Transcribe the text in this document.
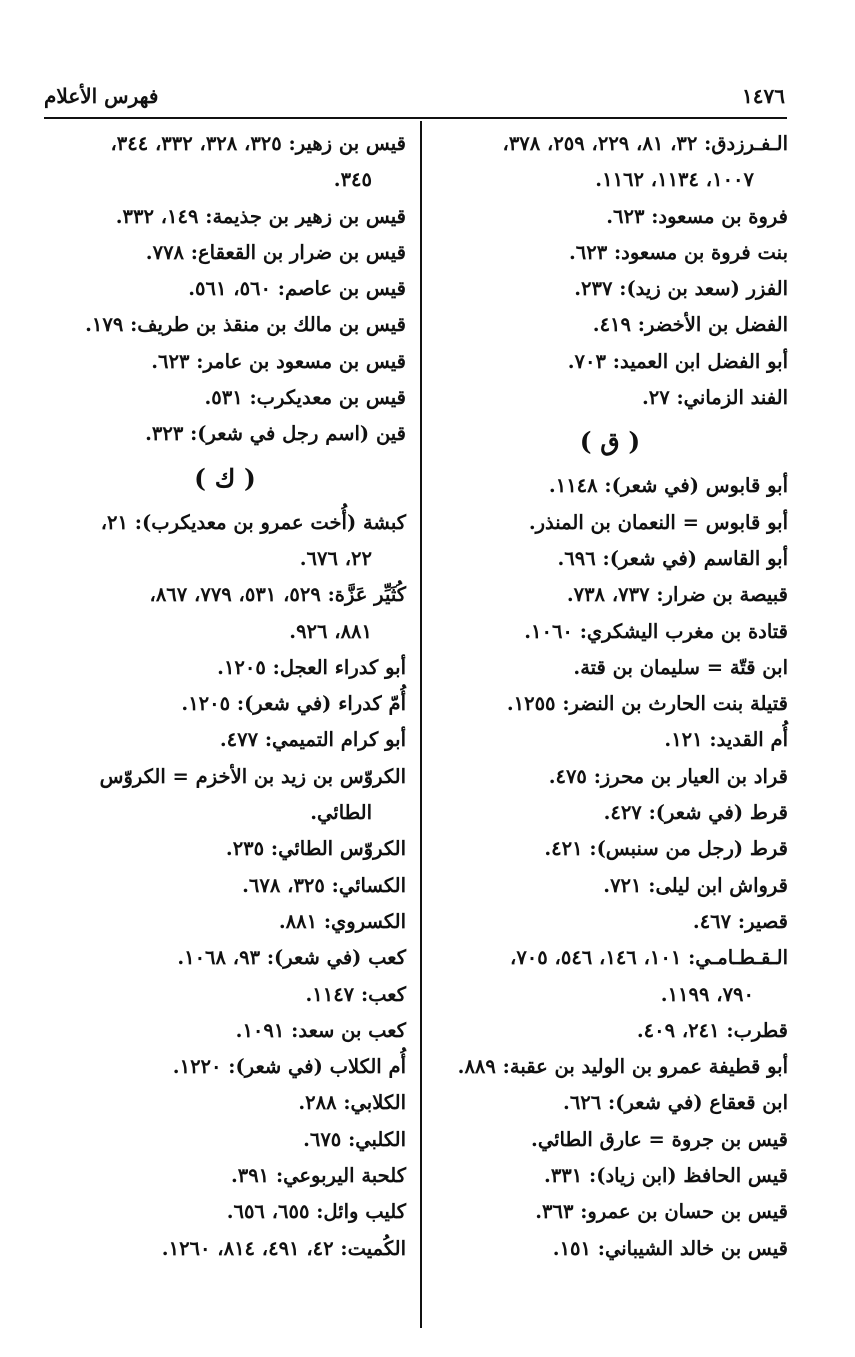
١٤٧٦
فهرس الأعلام
الـفـرزدق: ٣٢، ٨١، ٢٢٩، ٢٥٩، ٣٧٨،
١٠٠٧، ١١٣٤، ١١٦٢.
فروة بن مسعود: ٦٢٣.
بنت فروة بن مسعود: ٦٢٣.
الفزر (سعد بن زيد): ٢٣٧.
الفضل بن الأخضر: ٤١٩.
أبو الفضل ابن العميد: ٧٠٣.
الفند الزماني: ٢٧.
( ق )
أبو قابوس (في شعر): ١١٤٨.
أبو قابوس = النعمان بن المنذر.
أبو القاسم (في شعر): ٦٩٦.
قبيصة بن ضرار: ٧٣٧، ٧٣٨.
قتادة بن مغرب اليشكري: ١٠٦٠.
ابن قتّة = سليمان بن قتة.
قتيلة بنت الحارث بن النضر: ١٢٥٥.
أُم القديد: ١٢١.
قراد بن العيار بن محرز: ٤٧٥.
قرط (في شعر): ٤٢٧.
قرط (رجل من سنبس): ٤٢١.
قرواش ابن ليلى: ٧٢١.
قصير: ٤٦٧.
الـقـطـامـي: ١٠١، ١٤٦، ٥٤٦، ٧٠٥،
٧٩٠، ١١٩٩.
قطرب: ٢٤١، ٤٠٩.
أبو قطيفة عمرو بن الوليد بن عقبة: ٨٨٩.
ابن قعقاع (في شعر): ٦٢٦.
قيس بن جروة = عارق الطائي.
قيس الحافظ (ابن زياد): ٣٣١.
قيس بن حسان بن عمرو: ٣٦٣.
قيس بن خالد الشيباني: ١٥١.
قيس بن زهير: ٣٢٥، ٣٢٨، ٣٣٢، ٣٤٤،
٣٤٥.
قيس بن زهير بن جذيمة: ١٤٩، ٣٣٢.
قيس بن ضرار بن القعقاع: ٧٧٨.
قيس بن عاصم: ٥٦٠، ٥٦١.
قيس بن مالك بن منقذ بن طريف: ١٧٩.
قيس بن مسعود بن عامر: ٦٢٣.
قيس بن معديكرب: ٥٣١.
قين (اسم رجل في شعر): ٣٢٣.
( ك )
كبشة (أُخت عمرو بن معديكرب): ٢١،
٢٢، ٦٧٦.
كُثَيِّر عَزَّة: ٥٢٩، ٥٣١، ٧٧٩، ٨٦٧،
٨٨١، ٩٢٦.
أبو كدراء العجل: ١٢٠٥.
أُمّ كدراء (في شعر): ١٢٠٥.
أبو كرام التميمي: ٤٧٧.
الكروّس بن زيد بن الأخزم = الكروّس
الطائي.
الكروّس الطائي: ٢٣٥.
الكسائي: ٣٢٥، ٦٧٨.
الكسروي: ٨٨١.
كعب (في شعر): ٩٣، ١٠٦٨.
كعب: ١١٤٧.
كعب بن سعد: ١٠٩١.
أُم الكلاب (في شعر): ١٢٢٠.
الكلابي: ٢٨٨.
الكلبي: ٦٧٥.
كلحبة اليربوعي: ٣٩١.
كليب وائل: ٦٥٥، ٦٥٦.
الكُميت: ٤٢، ٤٩١، ٨١٤، ١٢٦٠.
